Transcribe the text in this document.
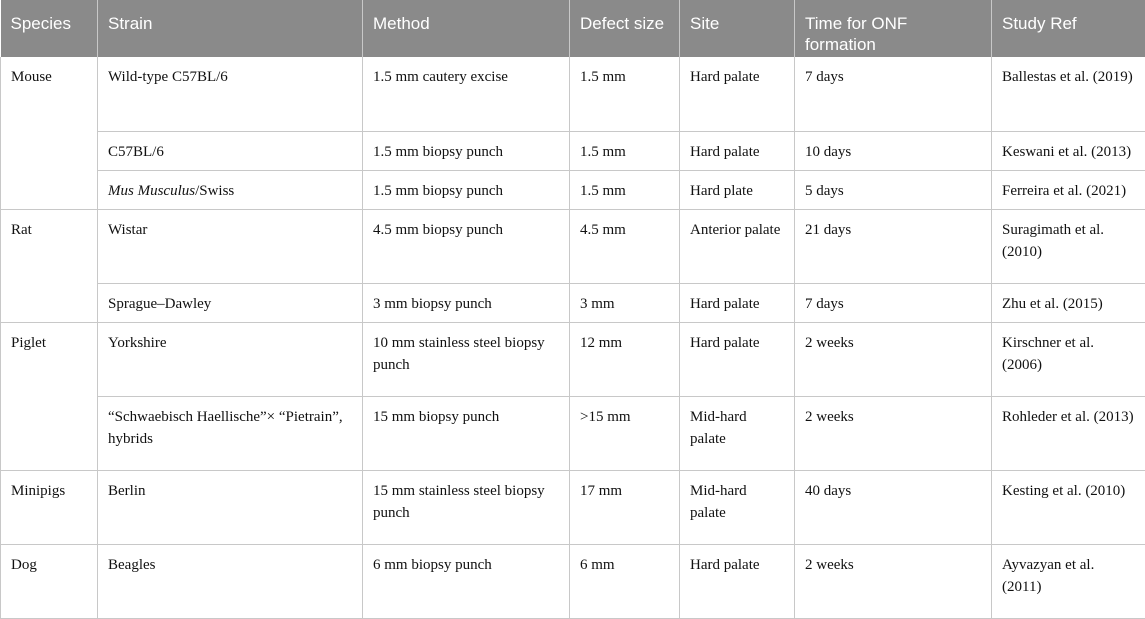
Species	Strain	Method	Defect size	Site	Time for ONF formation	Study Ref
Mouse	Wild-type C57BL/6	1.5 mm cautery excise	1.5 mm	Hard palate	7 days	Ballestas et al. (2019)
	C57BL/6	1.5 mm biopsy punch	1.5 mm	Hard palate	10 days	Keswani et al. (2013)
	Mus Musculus/Swiss	1.5 mm biopsy punch	1.5 mm	Hard plate	5 days	Ferreira et al. (2021)
Rat	Wistar	4.5 mm biopsy punch	4.5 mm	Anterior palate	21 days	Suragimath et al. (2010)
	Sprague–Dawley	3 mm biopsy punch	3 mm	Hard palate	7 days	Zhu et al. (2015)
Piglet	Yorkshire	10 mm stainless steel biopsy punch	12 mm	Hard palate	2 weeks	Kirschner et al. (2006)
	“Schwaebisch Haellische”× “Pietrain”, hybrids	15 mm biopsy punch	>15 mm	Mid-hard palate	2 weeks	Rohleder et al. (2013)
Minipigs	Berlin	15 mm stainless steel biopsy punch	17 mm	Mid-hard palate	40 days	Kesting et al. (2010)
Dog	Beagles	6 mm biopsy punch	6 mm	Hard palate	2 weeks	Ayvazyan et al. (2011)
